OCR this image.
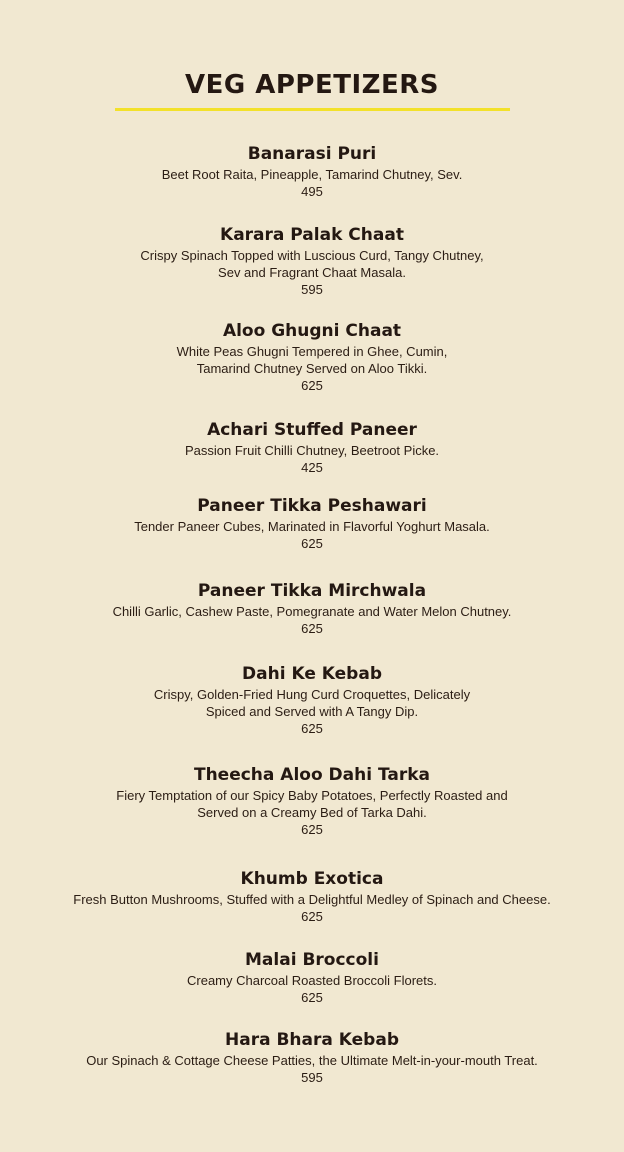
VEG APPETIZERS
Banarasi Puri
Beet Root Raita, Pineapple, Tamarind Chutney, Sev.
495
Karara Palak Chaat
Crispy Spinach Topped with Luscious Curd, Tangy Chutney,
Sev and Fragrant Chaat Masala.
595
Aloo Ghugni Chaat
White Peas Ghugni Tempered in Ghee, Cumin,
Tamarind Chutney Served on Aloo Tikki.
625
Achari Stuffed Paneer
Passion Fruit Chilli Chutney, Beetroot Picke.
425
Paneer Tikka Peshawari
Tender Paneer Cubes, Marinated in Flavorful Yoghurt Masala.
625
Paneer Tikka Mirchwala
Chilli Garlic, Cashew Paste, Pomegranate and Water Melon Chutney.
625
Dahi Ke Kebab
Crispy, Golden-Fried Hung Curd Croquettes, Delicately
Spiced and Served with A Tangy Dip.
625
Theecha Aloo Dahi Tarka
Fiery Temptation of our Spicy Baby Potatoes, Perfectly Roasted and
Served on a Creamy Bed of Tarka Dahi.
625
Khumb Exotica
Fresh Button Mushrooms, Stuffed with a Delightful Medley of Spinach and Cheese.
625
Malai Broccoli
Creamy Charcoal Roasted Broccoli Florets.
625
Hara Bhara Kebab
Our Spinach & Cottage Cheese Patties, the Ultimate Melt-in-your-mouth Treat.
595
